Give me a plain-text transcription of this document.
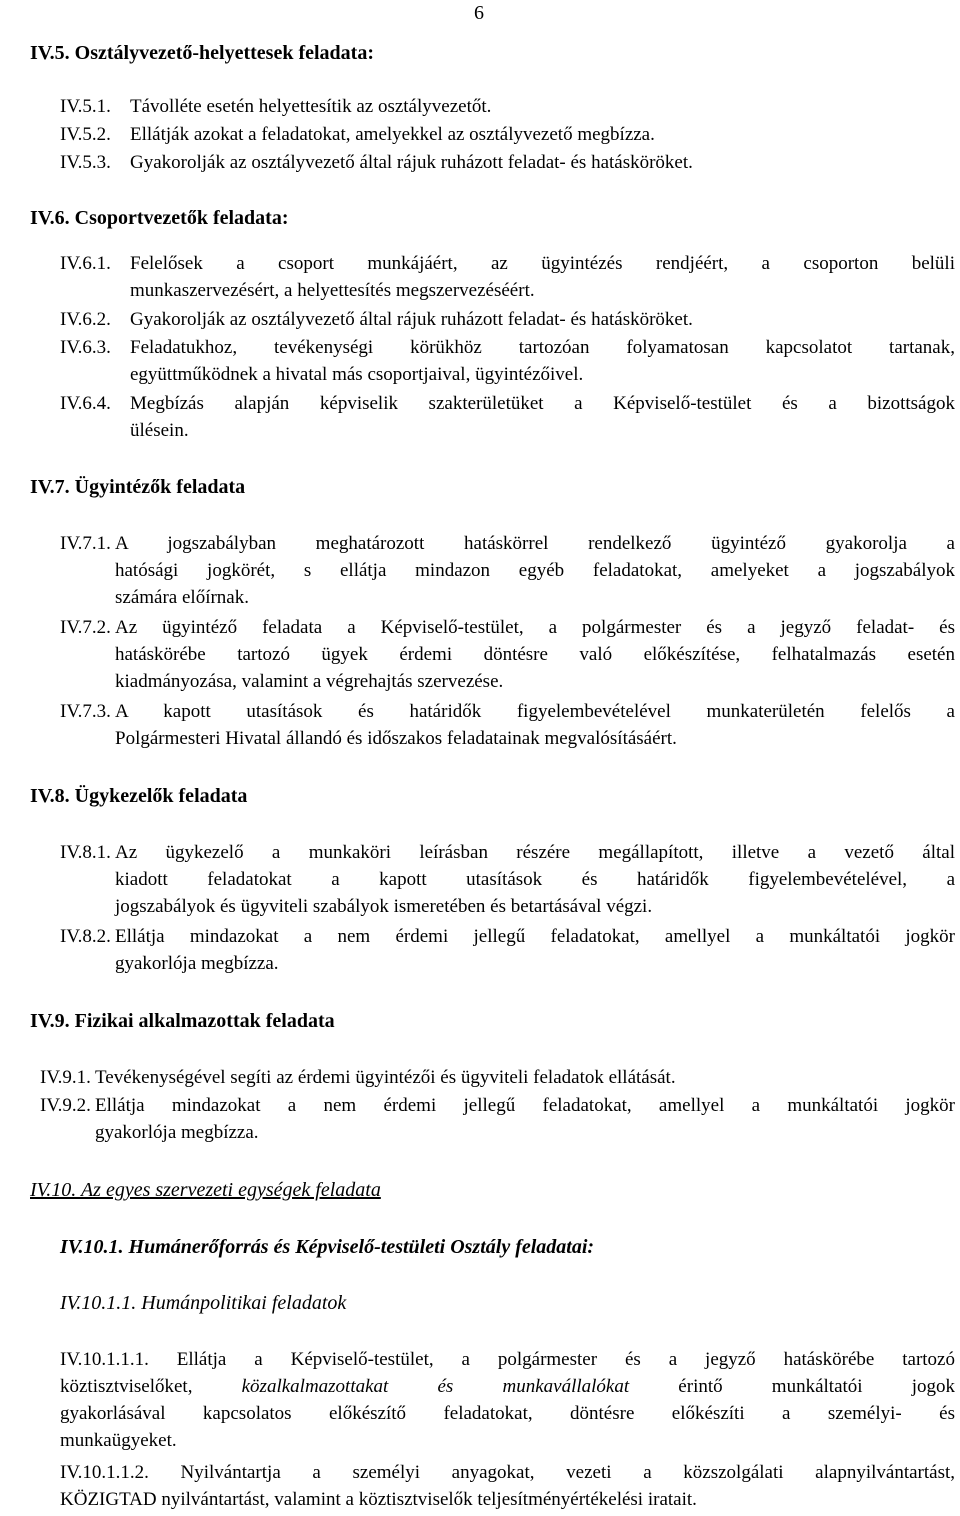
6
IV.5. Osztályvezető-helyettesek feladata:
IV.5.1. Távolléte esetén helyettesítik az osztályvezetőt.
IV.5.2. Ellátják azokat a feladatokat, amelyekkel az osztályvezető megbízza.
IV.5.3. Gyakorolják az osztályvezető által rájuk ruházott feladat- és hatásköröket.
IV.6. Csoportvezetők feladata:
IV.6.1. Felelősek a csoport munkájáért, az ügyintézés rendjéért, a csoporton belüli
munkaszervezésért, a helyettesítés megszervezéséért.
IV.6.2. Gyakorolják az osztályvezető által rájuk ruházott feladat- és hatásköröket.
IV.6.3. Feladatukhoz, tevékenységi körükhöz tartozóan folyamatosan kapcsolatot tartanak,
együttműködnek a hivatal más csoportjaival, ügyintézőivel.
IV.6.4. Megbízás alapján képviselik szakterületüket a Képviselő-testület és a bizottságok
ülésein.
IV.7. Ügyintézők feladata
IV.7.1. A jogszabályban meghatározott hatáskörrel rendelkező ügyintéző gyakorolja a
hatósági jogkörét, s ellátja mindazon egyéb feladatokat, amelyeket a jogszabályok
számára előírnak.
IV.7.2. Az ügyintéző feladata a Képviselő-testület, a polgármester és a jegyző feladat- és
hatáskörébe tartozó ügyek érdemi döntésre való előkészítése, felhatalmazás esetén
kiadmányozása, valamint a végrehajtás szervezése.
IV.7.3. A kapott utasítások és határidők figyelembevételével munkaterületén felelős a
Polgármesteri Hivatal állandó és időszakos feladatainak megvalósításáért.
IV.8. Ügykezelők feladata
IV.8.1. Az ügykezelő a munkaköri leírásban részére megállapított, illetve a vezető által
kiadott feladatokat a kapott utasítások és határidők figyelembevételével, a
jogszabályok és ügyviteli szabályok ismeretében és betartásával végzi.
IV.8.2. Ellátja mindazokat a nem érdemi jellegű feladatokat, amellyel a munkáltatói jogkör
gyakorlója megbízza.
IV.9. Fizikai alkalmazottak feladata
IV.9.1. Tevékenységével segíti az érdemi ügyintézői és ügyviteli feladatok ellátását.
IV.9.2. Ellátja mindazokat a nem érdemi jellegű feladatokat, amellyel a munkáltatói jogkör
gyakorlója megbízza.
IV.10. Az egyes szervezeti egységek feladata
IV.10.1. Humánerőforrás és Képviselő-testületi Osztály feladatai:
IV.10.1.1. Humánpolitikai feladatok
IV.10.1.1.1. Ellátja a Képviselő-testület, a polgármester és a jegyző hatáskörébe tartozó
köztisztviselőket, közalkalmazottakat és munkavállalókat érintő munkáltatói jogok
gyakorlásával kapcsolatos előkészítő feladatokat, döntésre előkészíti a személyi- és
munkaügyeket.
IV.10.1.1.2. Nyilvántartja a személyi anyagokat, vezeti a közszolgálati alapnyilvántartást,
KÖZIGTAD nyilvántartást, valamint a köztisztviselők teljesítményértékelési iratait.
